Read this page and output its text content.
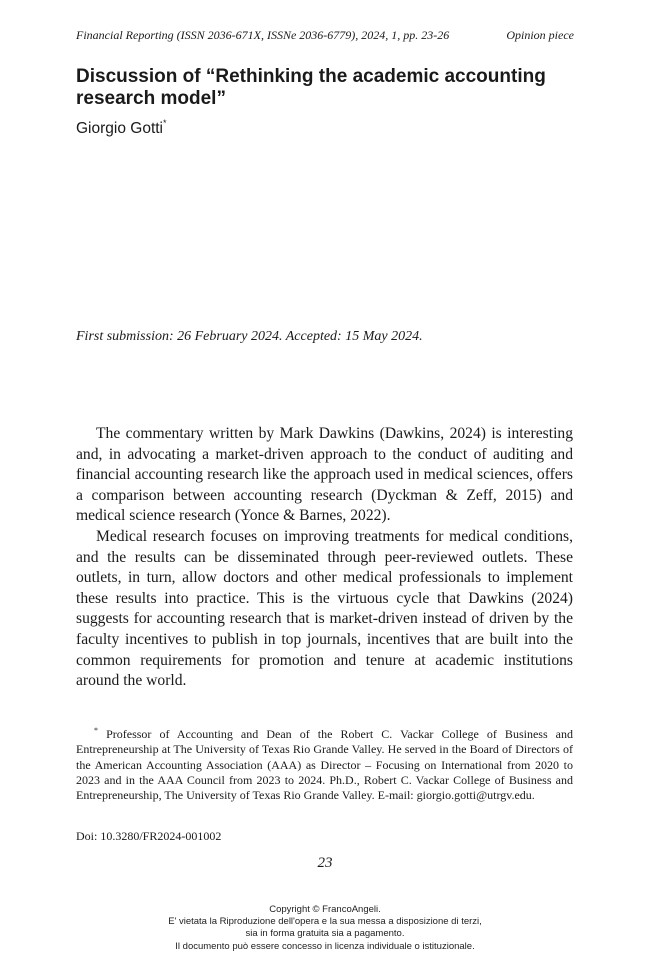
Financial Reporting (ISSN 2036-671X, ISSNe 2036-6779), 2024, 1, pp. 23-26	Opinion piece
Discussion of “Rethinking the academic accounting
research model”
Giorgio Gotti*
First submission: 26 February 2024. Accepted: 15 May 2024.

The commentary written by Mark Dawkins (Dawkins, 2024) is interesting and, in advocating a market-driven approach to the conduct of auditing and financial accounting research like the approach used in medical sciences, offers a comparison between accounting research (Dyckman & Zeff, 2015) and medical science research (Yonce & Barnes, 2022).

Medical research focuses on improving treatments for medical conditions, and the results can be disseminated through peer-reviewed outlets. These outlets, in turn, allow doctors and other medical professionals to implement these results into practice. This is the virtuous cycle that Dawkins (2024) suggests for accounting research that is market-driven instead of driven by the faculty incentives to publish in top journals, incentives that are built into the common requirements for promotion and tenure at academic institutions around the world.

* Professor of Accounting and Dean of the Robert C. Vackar College of Business and Entrepreneurship at The University of Texas Rio Grande Valley. He served in the Board of Directors of the American Accounting Association (AAA) as Director – Focusing on International from 2020 to 2023 and in the AAA Council from 2023 to 2024. Ph.D., Robert C. Vackar College of Business and Entrepreneurship, The University of Texas Rio Grande Valley. E-mail: giorgio.gotti@utrgv.edu.

Doi: 10.3280/FR2024-001002
23
Copyright © FrancoAngeli.
E' vietata la Riproduzione dell'opera e la sua messa a disposizione di terzi,
sia in forma gratuita sia a pagamento.
Il documento può essere concesso in licenza individuale o istituzionale.
